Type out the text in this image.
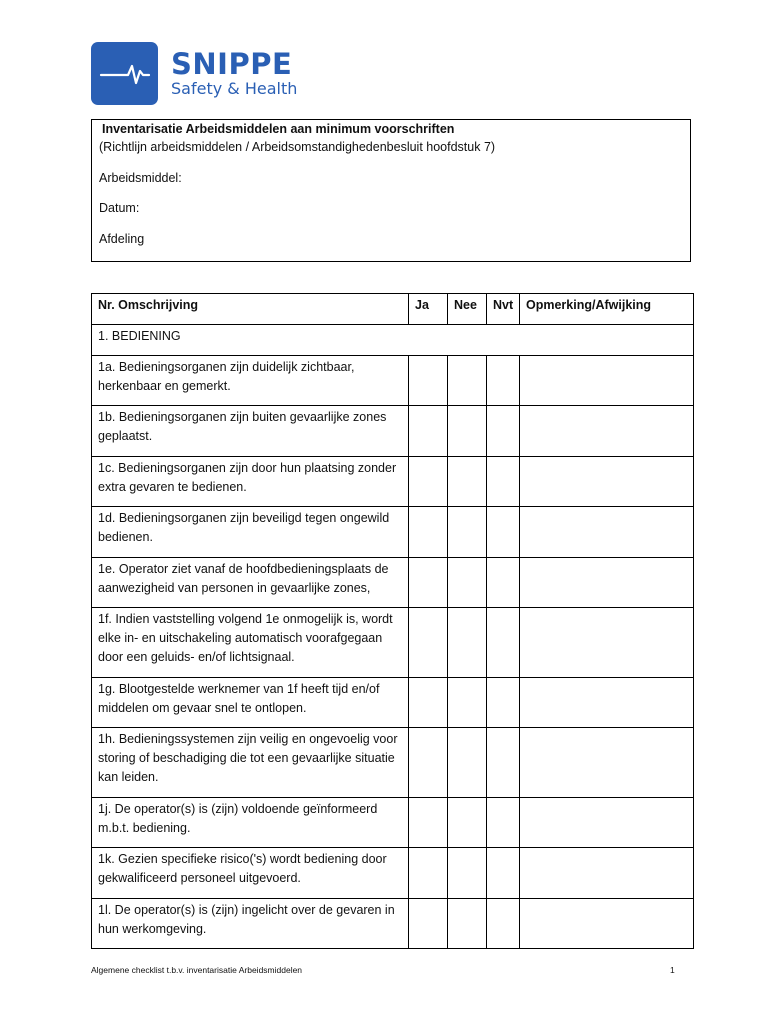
SNIPPE
Safety & Health
Inventarisatie Arbeidsmiddelen aan minimum voorschriften
(Richtlijn arbeidsmiddelen / Arbeidsomstandighedenbesluit hoofdstuk 7)
Arbeidsmiddel:
Datum:
Afdeling
Nr. Omschrijving	Ja	Nee	Nvt	Opmerking/Afwijking
1. BEDIENING				
1a. Bedieningsorganen zijn duidelijk zichtbaar, herkenbaar en gemerkt.				
1b. Bedieningsorganen zijn buiten gevaarlijke zones geplaatst.				
1c. Bedieningsorganen zijn door hun plaatsing zonder extra gevaren te bedienen.				
1d. Bedieningsorganen zijn beveiligd tegen ongewild bedienen.				
1e. Operator ziet vanaf de hoofdbedieningsplaats de aanwezigheid van personen in gevaarlijke zones,				
1f. Indien vaststelling volgend 1e onmogelijk is, wordt elke in- en uitschakeling automatisch voorafgegaan door een geluids- en/of lichtsignaal.				
1g. Blootgestelde werknemer van 1f heeft tijd en/of middelen om gevaar snel te ontlopen.				
1h. Bedieningssystemen zijn veilig en ongevoelig voor storing of beschadiging die tot een gevaarlijke situatie kan leiden.				
1j. De operator(s) is (zijn) voldoende geïnformeerd m.b.t. bediening.				
1k. Gezien specifieke risico('s) wordt bediening door gekwalificeerd personeel uitgevoerd.				
1l. De operator(s) is (zijn) ingelicht over de gevaren in hun werkomgeving.				
Algemene checklist t.b.v. inventarisatie Arbeidsmiddelen	1
